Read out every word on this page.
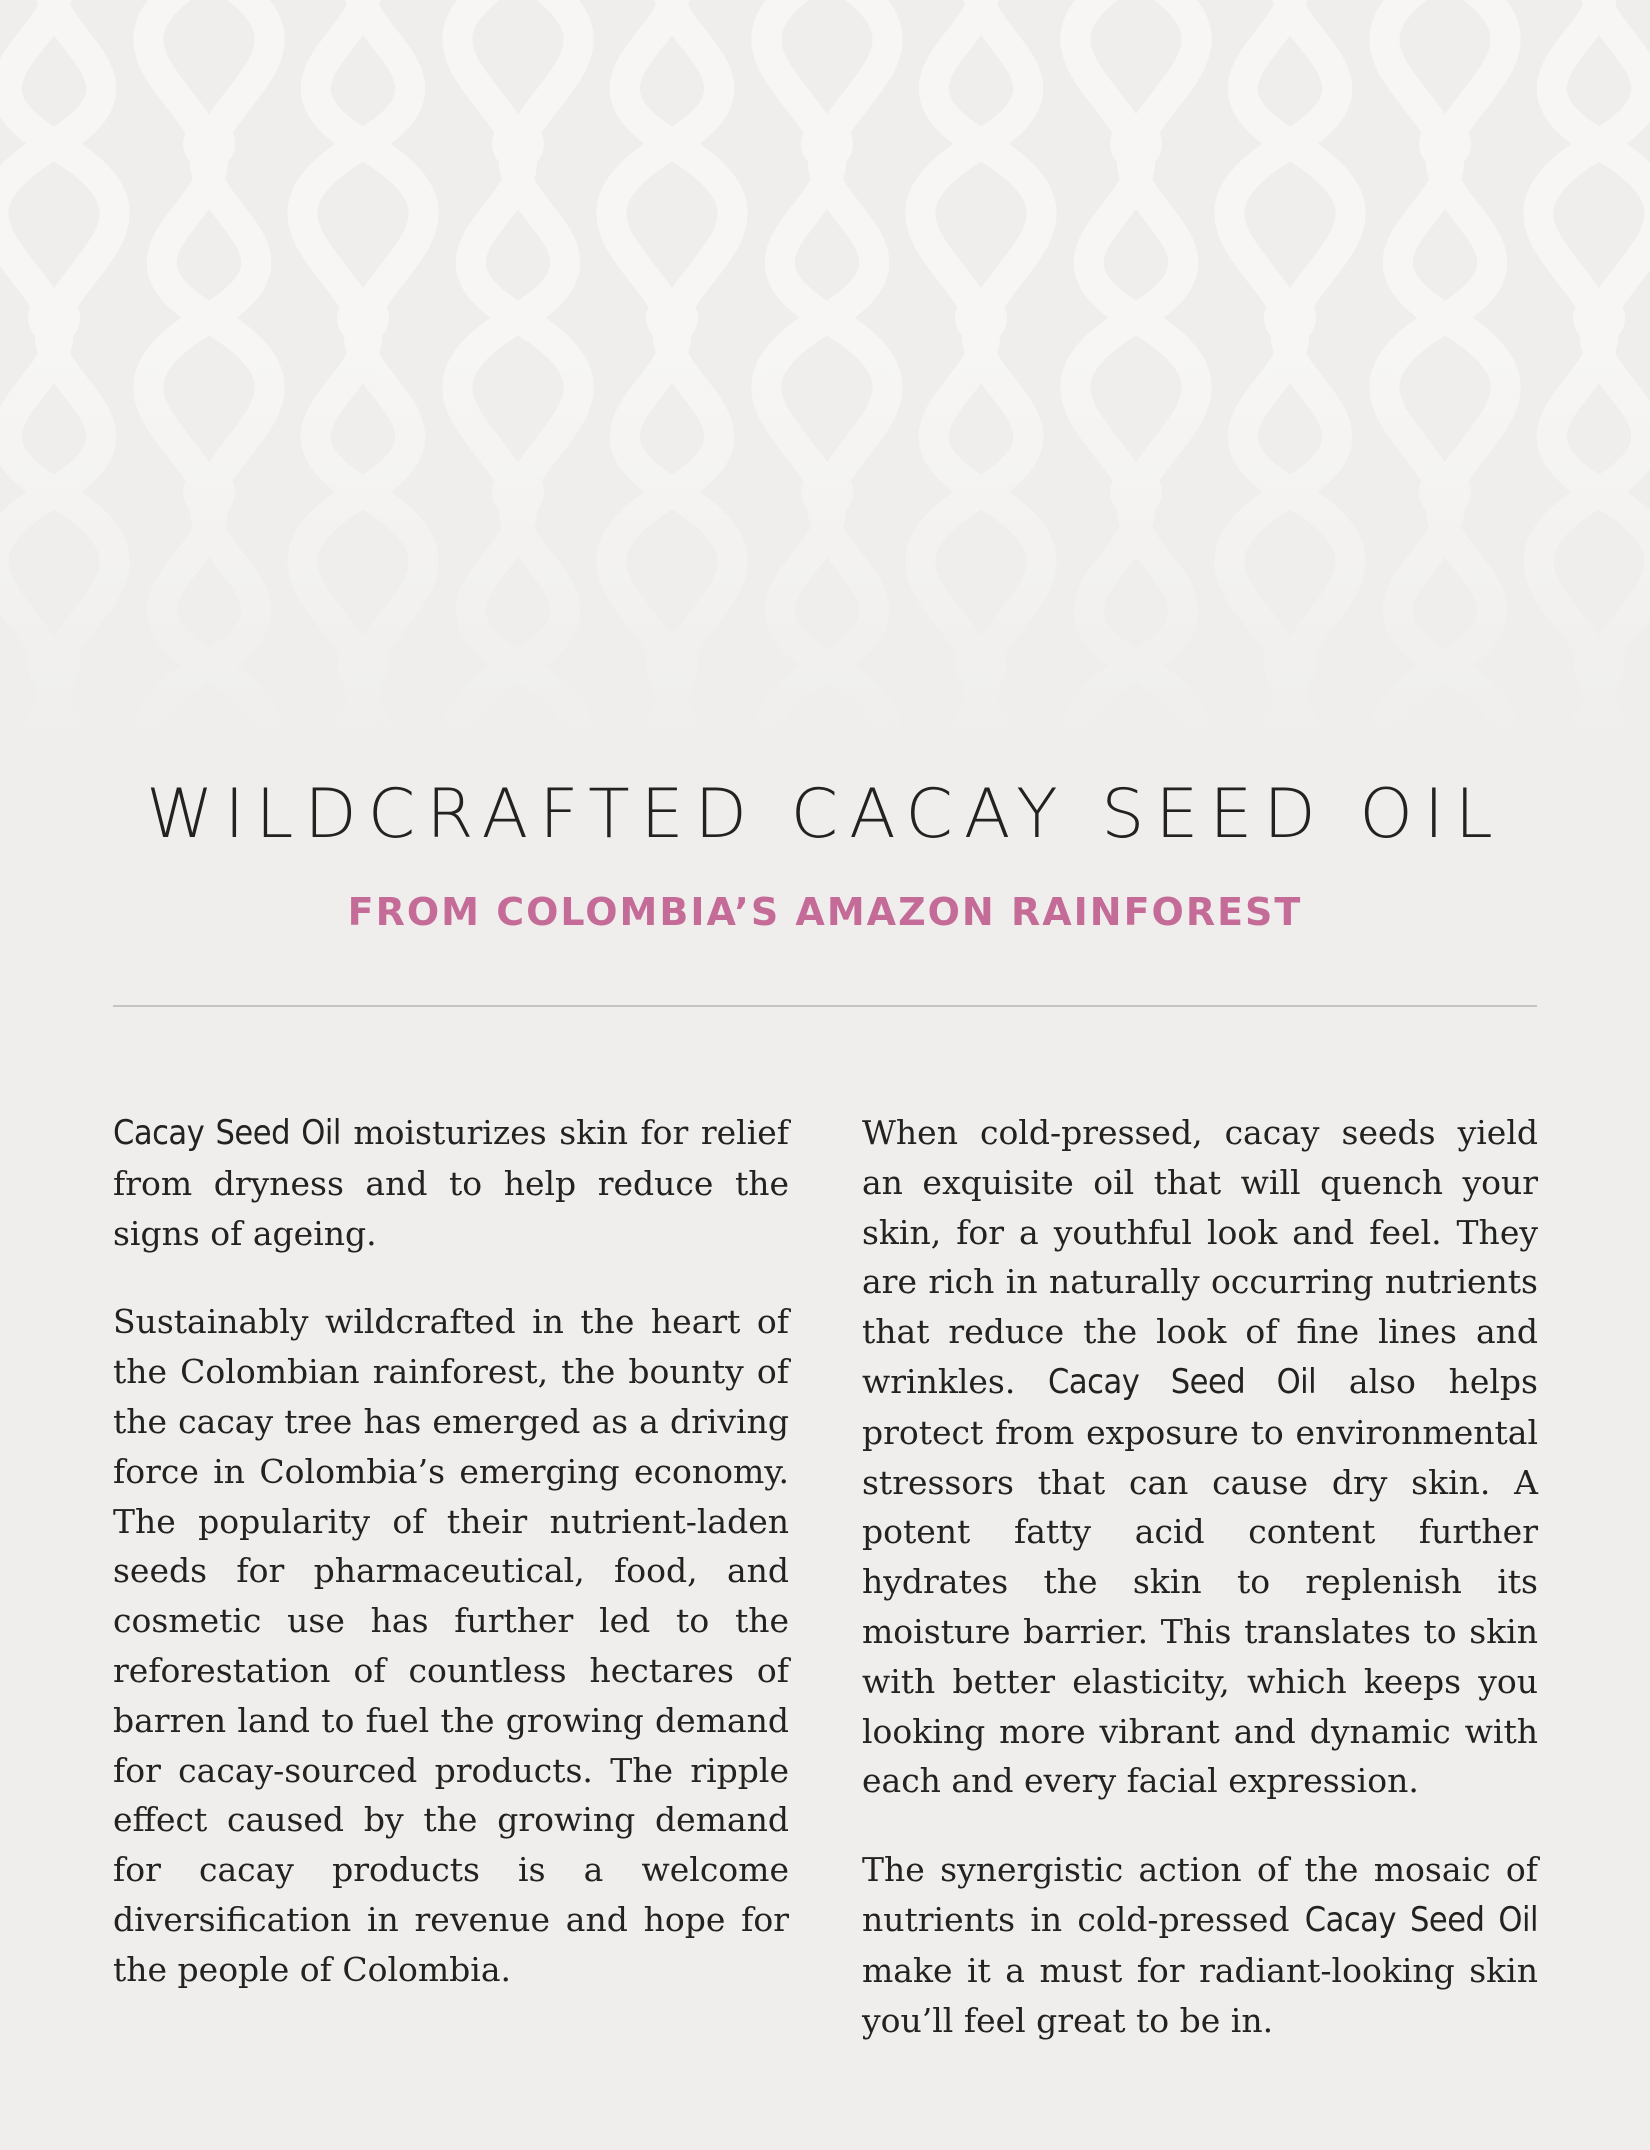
WILDCRAFTED CACAY SEED OIL
FROM COLOMBIA’S AMAZON RAINFOREST

Cacay Seed Oil moisturizes skin for relief from dryness and to help reduce the signs of ageing.

Sustainably wildcrafted in the heart of the Colombian rainforest, the bounty of the cacay tree has emerged as a driving force in Colombia’s emerging economy. The popularity of their nutrient-laden seeds for pharmaceutical, food, and cosmetic use has further led to the reforestation of countless hectares of barren land to fuel the growing demand for cacay-sourced products. The ripple effect caused by the growing demand for cacay products is a welcome diversification in revenue and hope for the people of Colombia.

When cold-pressed, cacay seeds yield an exquisite oil that will quench your skin, for a youthful look and feel. They are rich in naturally occurring nutrients that reduce the look of fine lines and wrinkles. Cacay Seed Oil also helps protect from exposure to environmental stressors that can cause dry skin. A potent fatty acid content further hydrates the skin to replenish its moisture barrier. This translates to skin with better elasticity, which keeps you looking more vibrant and dynamic with each and every facial expression.

The synergistic action of the mosaic of nutrients in cold-pressed Cacay Seed Oil make it a must for radiant-looking skin you’ll feel great to be in.
